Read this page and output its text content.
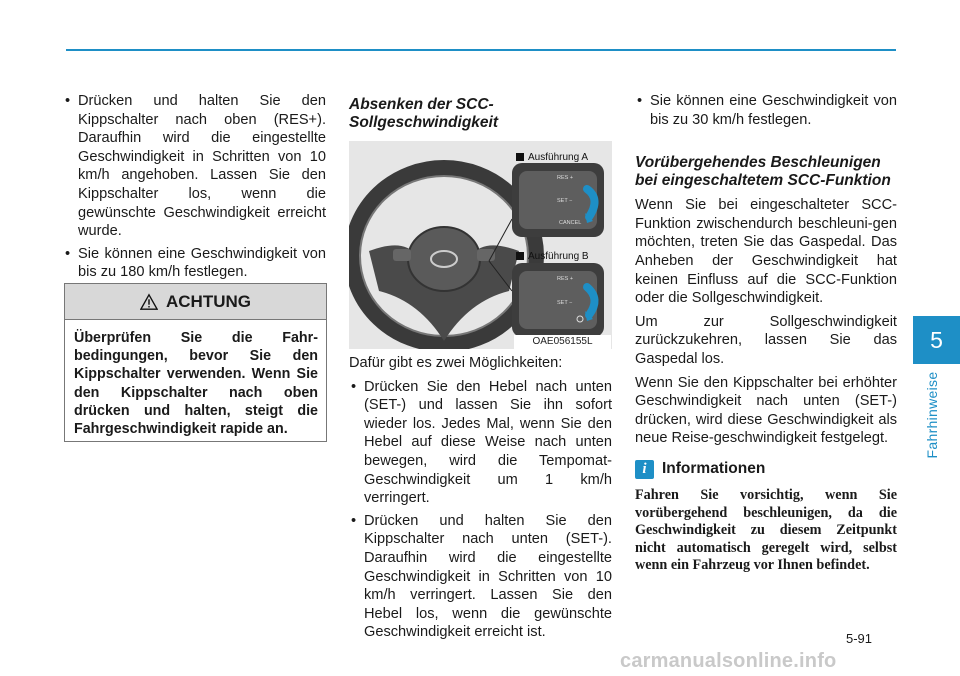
• Drücken und halten Sie den Kippschalter nach oben (RES+). Daraufhin wird die eingestellte Geschwindigkeit in Schritten von 10 km/h angehoben. Lassen Sie den Kippschalter los, wenn die gewünschte Geschwindigkeit erreicht wurde.
• Sie können eine Geschwindigkeit von bis zu 180 km/h festlegen.
ACHTUNG
Überprüfen Sie die Fahr-bedingungen, bevor Sie den Kippschalter verwenden. Wenn Sie den Kippschalter nach oben drücken und halten, steigt die Fahrgeschwindigkeit rapide an.
Absenken der SCC-Sollgeschwindigkeit
RES +
SET −
CANCEL
RES +
SET −
Ausführung A
Ausführung B
OAE056155L
Dafür gibt es zwei Möglichkeiten:
• Drücken Sie den Hebel nach unten (SET-) und lassen Sie ihn sofort wieder los. Jedes Mal, wenn Sie den Hebel auf diese Weise nach unten bewegen, wird die Tempomat-Geschwindigkeit um 1 km/h verringert.
• Drücken und halten Sie den Kippschalter nach unten (SET-). Daraufhin wird die eingestellte Geschwindigkeit in Schritten von 10 km/h verringert. Lassen Sie den Hebel los, wenn die gewünschte Geschwindigkeit erreicht ist.
• Sie können eine Geschwindigkeit von bis zu 30 km/h festlegen.
Vorübergehendes Beschleunigen bei eingeschaltetem SCC-Funktion
Wenn Sie bei eingeschalteter SCC-Funktion zwischendurch beschleuni-gen möchten, treten Sie das Gaspedal. Das Anheben der Geschwindigkeit hat keinen Einfluss auf die SCC-Funktion oder die Sollgeschwindigkeit.
Um zur Sollgeschwindigkeit zurückzukehren, lassen Sie das Gaspedal los.
Wenn Sie den Kippschalter bei erhöhter Geschwindigkeit nach unten (SET-) drücken, wird diese Geschwindigkeit als neue Reise-geschwindigkeit festgelegt.
i Informationen
Fahren Sie vorsichtig, wenn Sie vorübergehend beschleunigen, da die Geschwindigkeit zu diesem Zeitpunkt nicht automatisch geregelt wird, selbst wenn ein Fahrzeug vor Ihnen befindet.
5
Fahrhinweise
5-91
carmanualsonline.info
